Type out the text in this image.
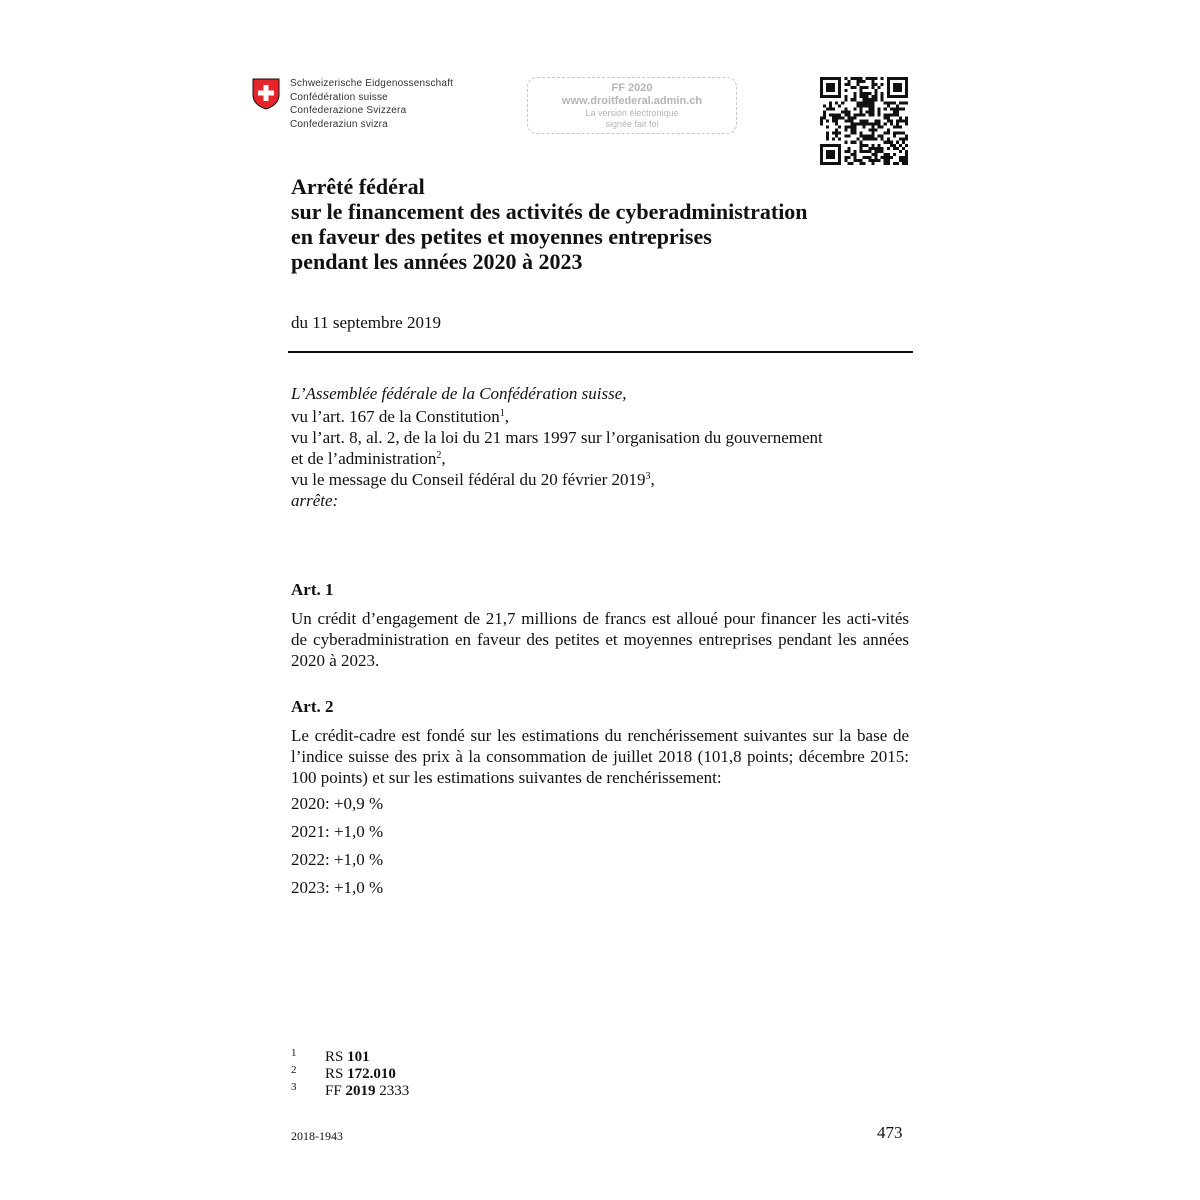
Schweizerische Eidgenossenschaft
Confédération suisse
Confederazione Svizzera
Confederaziun svizra
FF 2020
www.droitfederal.admin.ch
La version électronique
signée fait foi
Arrêté fédéral
sur le financement des activités de cyberadministration
en faveur des petites et moyennes entreprises
pendant les années 2020 à 2023
du 11 septembre 2019
L’Assemblée fédérale de la Confédération suisse,
vu l’art. 167 de la Constitution$^1$,
vu l’art. 8, al. 2, de la loi du 21 mars 1997 sur l’organisation du gouvernement
et de l’administration$^2$,
vu le message du Conseil fédéral du 20 février 2019$^3$,
arrête:
Art. 1
Un crédit d’engagement de 21,7 millions de francs est alloué pour financer les acti-vités de cyberadministration en faveur des petites et moyennes entreprises pendant les années 2020 à 2023.
Art. 2
Le crédit-cadre est fondé sur les estimations du renchérissement suivantes sur la base de l’indice suisse des prix à la consommation de juillet 2018 (101,8 points; décembre 2015: 100 points) et sur les estimations suivantes de renchérissement:
2020: +0,9 %
2021: +1,0 %
2022: +1,0 %
2023: +1,0 %
1 RS 101
2 RS 172.010
3 FF 2019 2333
2018-1943	473
